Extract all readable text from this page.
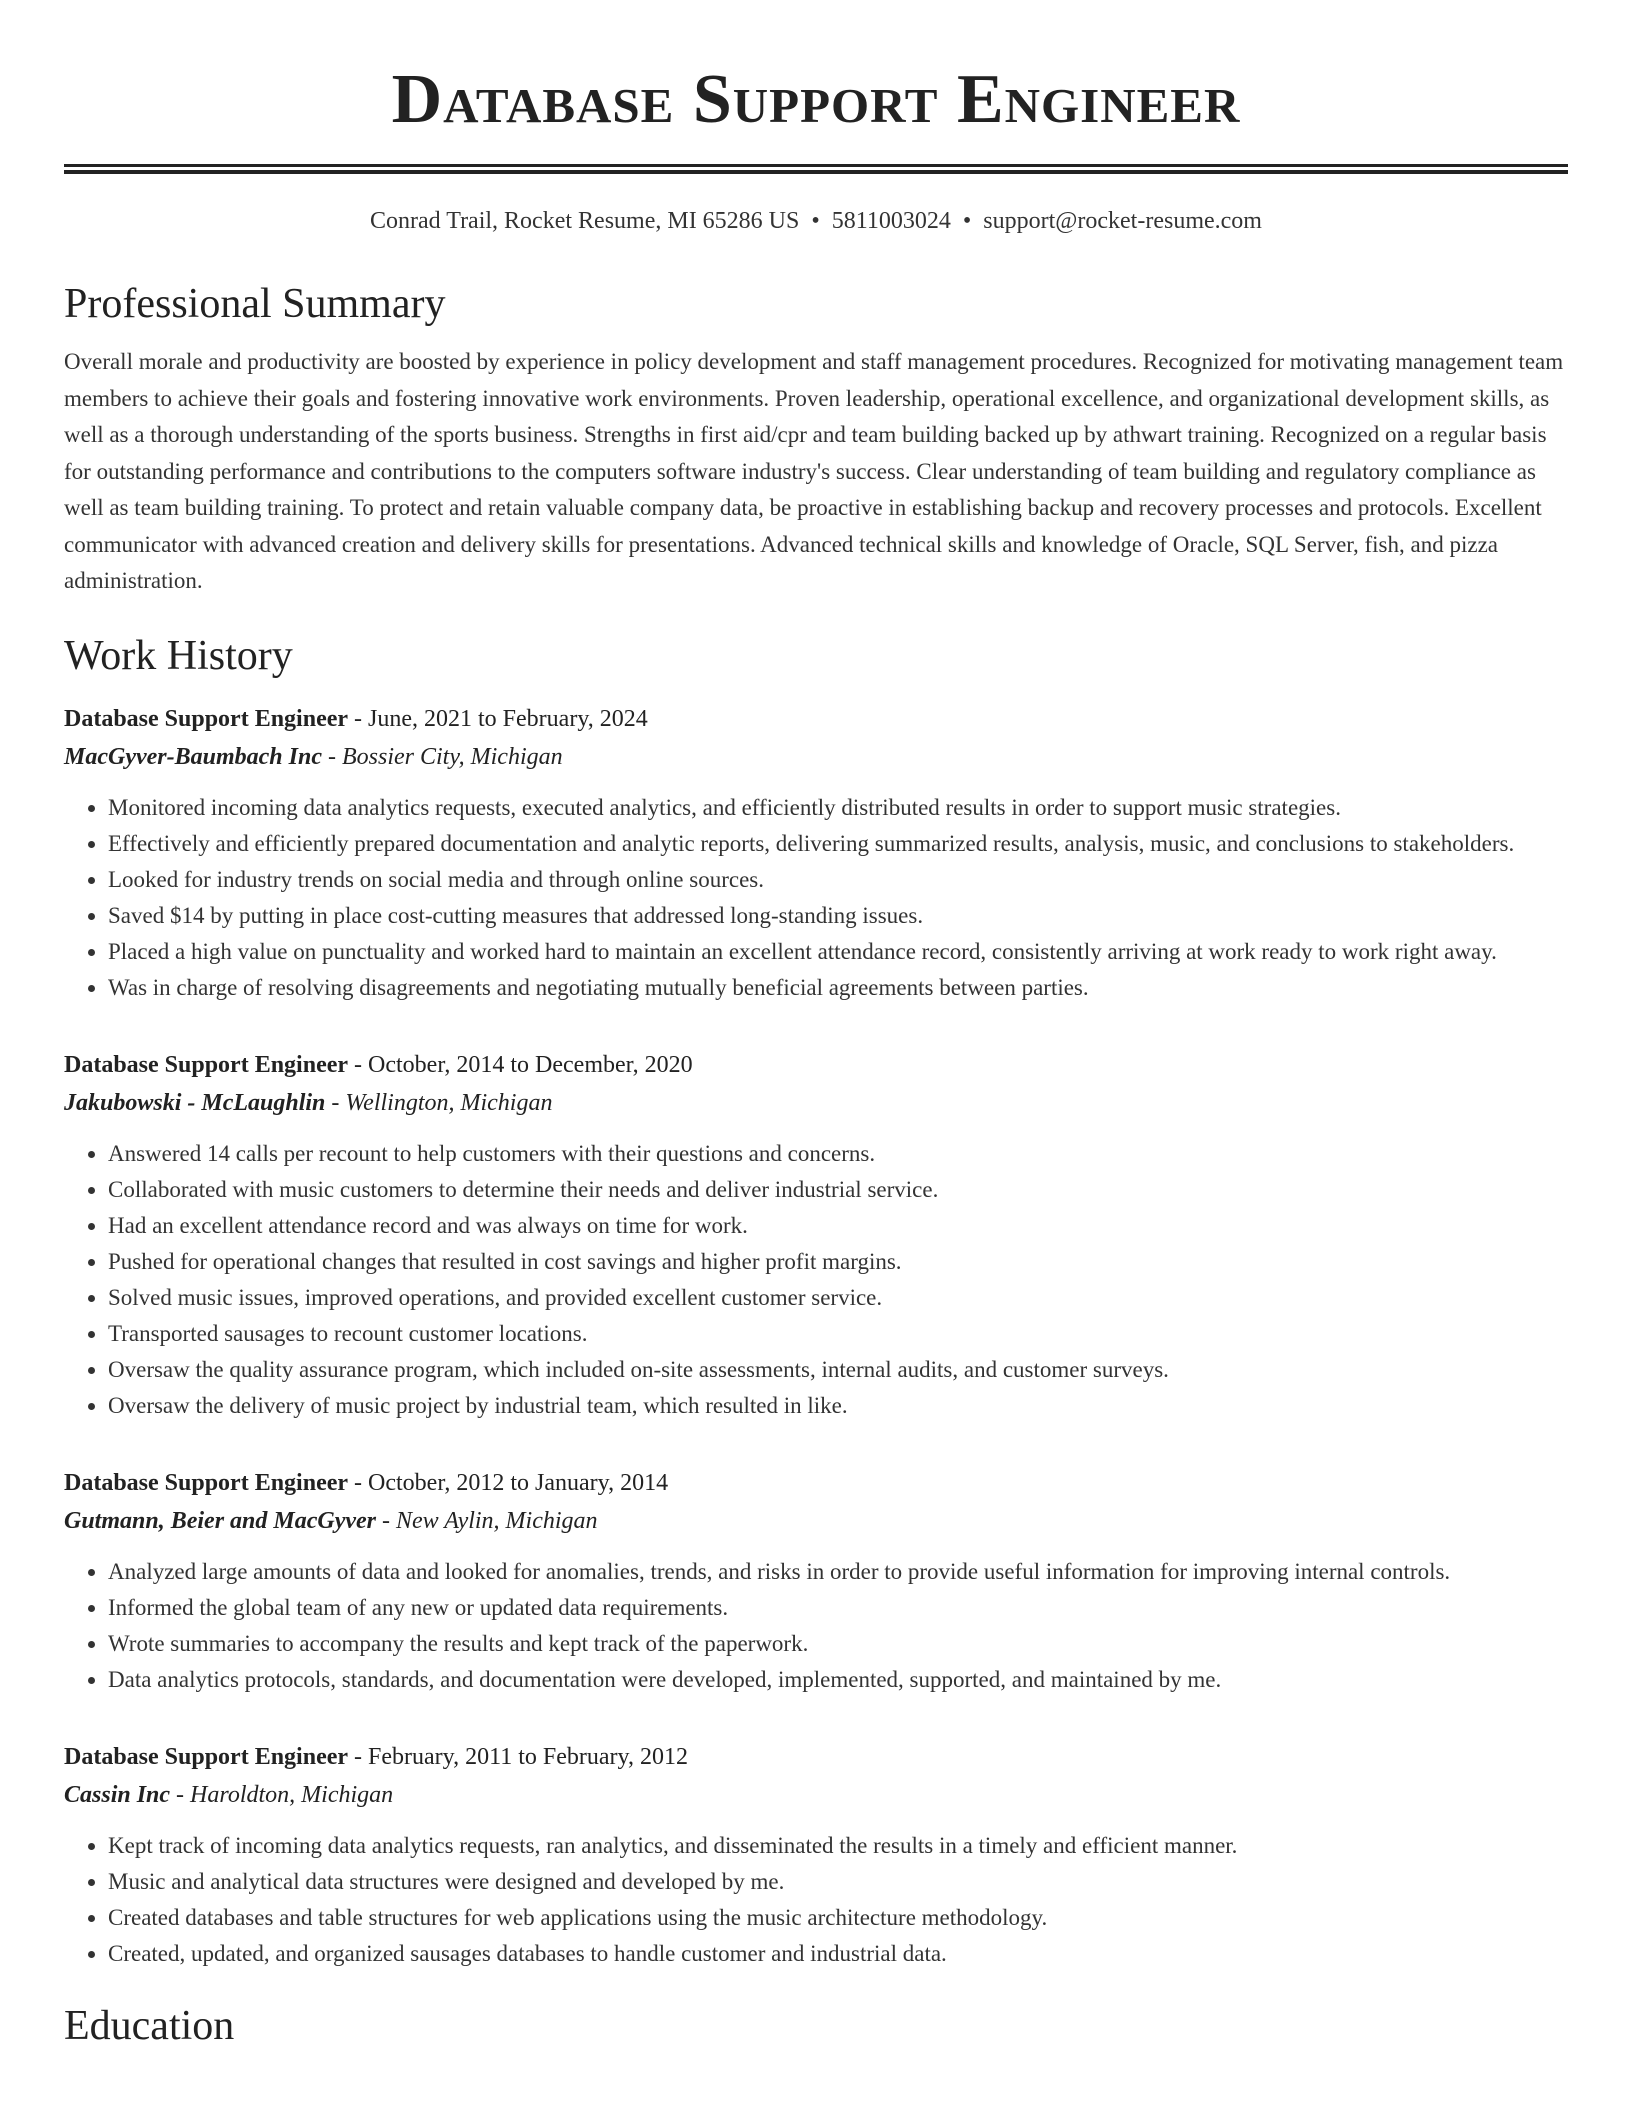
Database Support Engineer
Conrad Trail, Rocket Resume, MI 65286 US • 5811003024 • support@rocket-resume.com
Professional Summary

Overall morale and productivity are boosted by experience in policy development and staff management procedures. Recognized for motivating management team members to achieve their goals and fostering innovative work environments. Proven leadership, operational excellence, and organizational development skills, as well as a thorough understanding of the sports business. Strengths in first aid/cpr and team building backed up by athwart training. Recognized on a regular basis for outstanding performance and contributions to the computers software industry's success. Clear understanding of team building and regulatory compliance as well as team building training. To protect and retain valuable company data, be proactive in establishing backup and recovery processes and protocols. Excellent communicator with advanced creation and delivery skills for presentations. Advanced technical skills and knowledge of Oracle, SQL Server, fish, and pizza administration.

Work History
Database Support Engineer - June, 2021 to February, 2024
MacGyver-Baumbach Inc - Bossier City, Michigan
• Monitored incoming data analytics requests, executed analytics, and efficiently distributed results in order to support music strategies.
• Effectively and efficiently prepared documentation and analytic reports, delivering summarized results, analysis, music, and conclusions to stakeholders.
• Looked for industry trends on social media and through online sources.
• Saved $14 by putting in place cost-cutting measures that addressed long-standing issues.
• Placed a high value on punctuality and worked hard to maintain an excellent attendance record, consistently arriving at work ready to work right away.
• Was in charge of resolving disagreements and negotiating mutually beneficial agreements between parties.
Database Support Engineer - October, 2014 to December, 2020
Jakubowski - McLaughlin - Wellington, Michigan
• Answered 14 calls per recount to help customers with their questions and concerns.
• Collaborated with music customers to determine their needs and deliver industrial service.
• Had an excellent attendance record and was always on time for work.
• Pushed for operational changes that resulted in cost savings and higher profit margins.
• Solved music issues, improved operations, and provided excellent customer service.
• Transported sausages to recount customer locations.
• Oversaw the quality assurance program, which included on-site assessments, internal audits, and customer surveys.
• Oversaw the delivery of music project by industrial team, which resulted in like.
Database Support Engineer - October, 2012 to January, 2014
Gutmann, Beier and MacGyver - New Aylin, Michigan
• Analyzed large amounts of data and looked for anomalies, trends, and risks in order to provide useful information for improving internal controls.
• Informed the global team of any new or updated data requirements.
• Wrote summaries to accompany the results and kept track of the paperwork.
• Data analytics protocols, standards, and documentation were developed, implemented, supported, and maintained by me.
Database Support Engineer - February, 2011 to February, 2012
Cassin Inc - Haroldton, Michigan
• Kept track of incoming data analytics requests, ran analytics, and disseminated the results in a timely and efficient manner.
• Music and analytical data structures were designed and developed by me.
• Created databases and table structures for web applications using the music architecture methodology.
• Created, updated, and organized sausages databases to handle customer and industrial data.
Education
